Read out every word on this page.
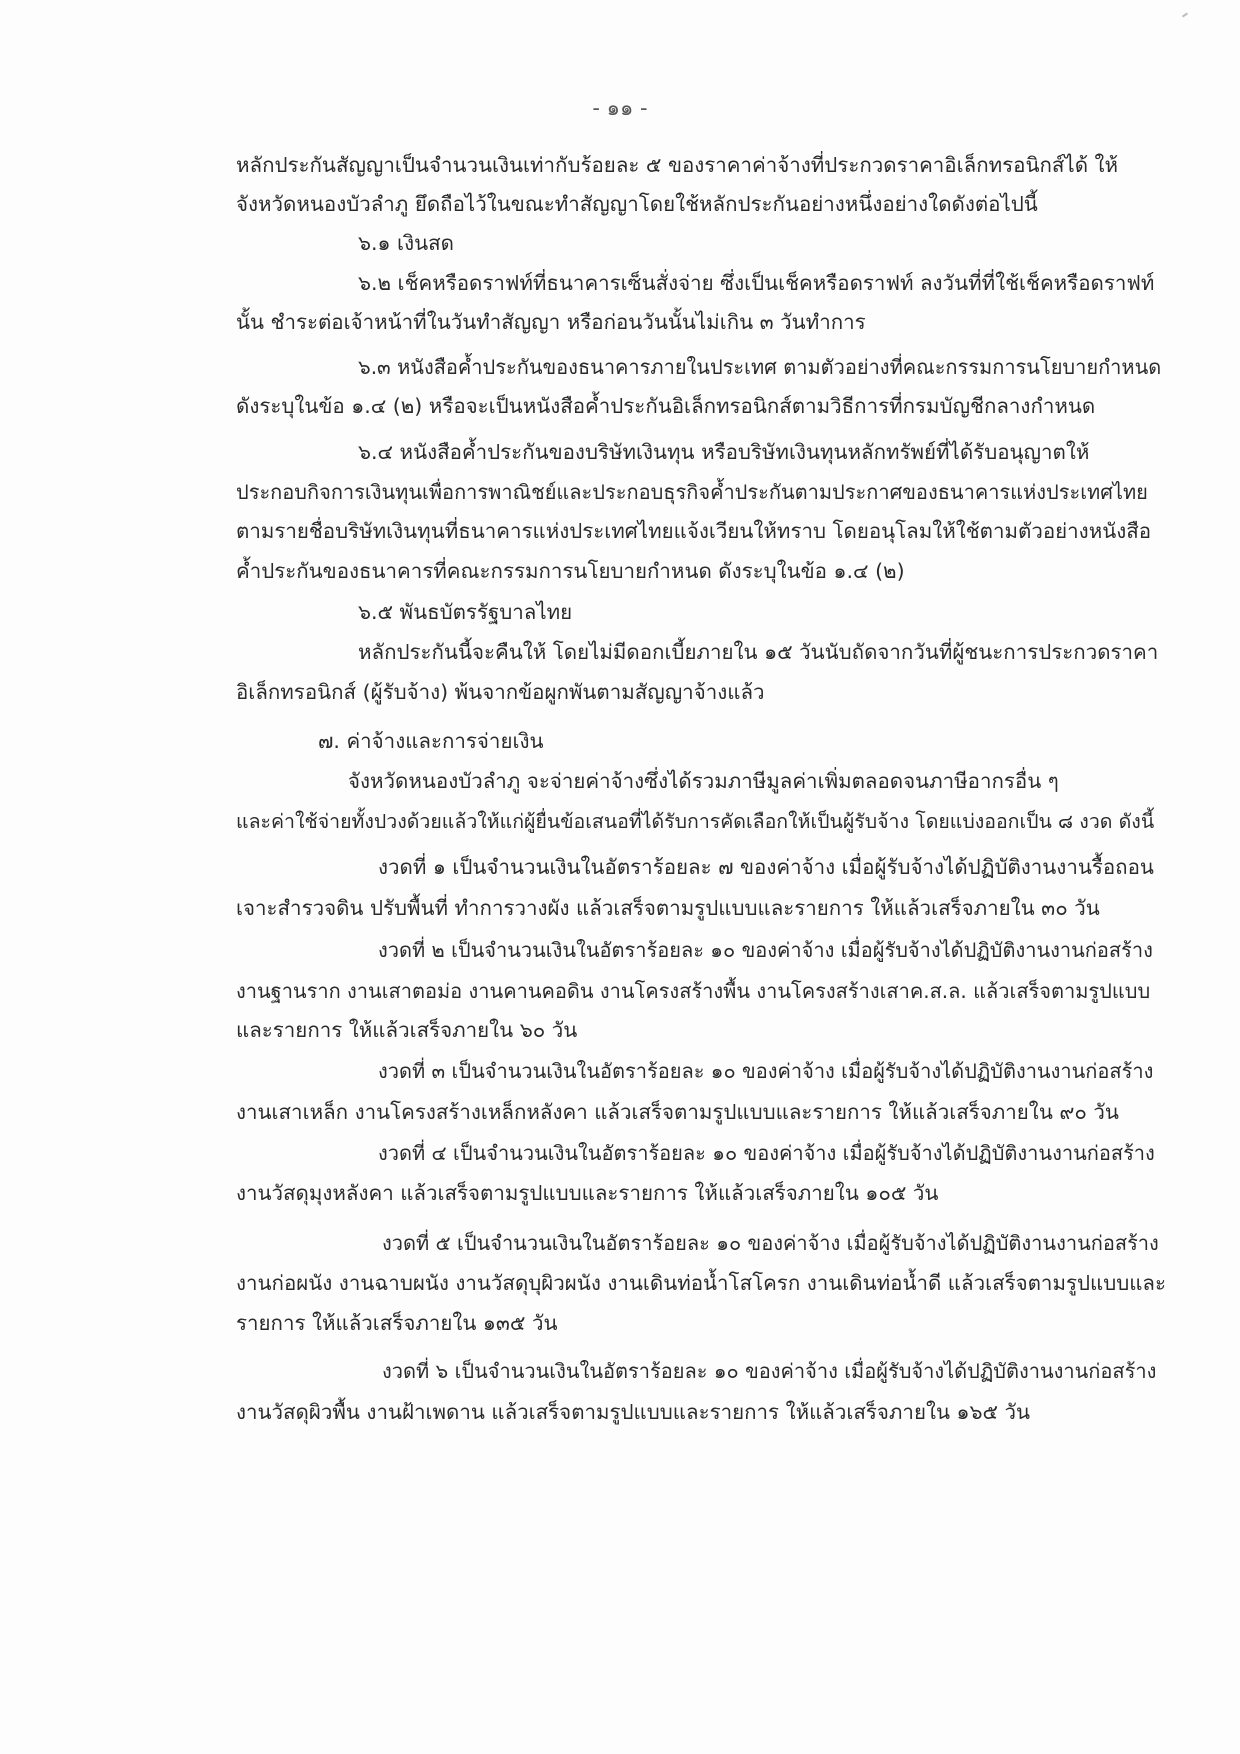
- ๑๑ -
หลักประกันสัญญาเป็นจำนวนเงินเท่ากับร้อยละ ๕ ของราคาค่าจ้างที่ประกวดราคาอิเล็กทรอนิกส์ได้ ให้
จังหวัดหนองบัวลำภู ยึดถือไว้ในขณะทำสัญญาโดยใช้หลักประกันอย่างหนึ่งอย่างใดดังต่อไปนี้
๖.๑ เงินสด
๖.๒ เช็คหรือดราฟท์ที่ธนาคารเซ็นสั่งจ่าย ซึ่งเป็นเช็คหรือดราฟท์ ลงวันที่ที่ใช้เช็คหรือดราฟท์
นั้น ชำระต่อเจ้าหน้าที่ในวันทำสัญญา หรือก่อนวันนั้นไม่เกิน ๓ วันทำการ
๖.๓ หนังสือค้ำประกันของธนาคารภายในประเทศ ตามตัวอย่างที่คณะกรรมการนโยบายกำหนด
ดังระบุในข้อ ๑.๔ (๒) หรือจะเป็นหนังสือค้ำประกันอิเล็กทรอนิกส์ตามวิธีการที่กรมบัญชีกลางกำหนด
๖.๔ หนังสือค้ำประกันของบริษัทเงินทุน หรือบริษัทเงินทุนหลักทรัพย์ที่ได้รับอนุญาตให้
ประกอบกิจการเงินทุนเพื่อการพาณิชย์และประกอบธุรกิจค้ำประกันตามประกาศของธนาคารแห่งประเทศไทย
ตามรายชื่อบริษัทเงินทุนที่ธนาคารแห่งประเทศไทยแจ้งเวียนให้ทราบ โดยอนุโลมให้ใช้ตามตัวอย่างหนังสือ
ค้ำประกันของธนาคารที่คณะกรรมการนโยบายกำหนด ดังระบุในข้อ ๑.๔ (๒)
๖.๕ พันธบัตรรัฐบาลไทย
หลักประกันนี้จะคืนให้ โดยไม่มีดอกเบี้ยภายใน ๑๕ วันนับถัดจากวันที่ผู้ชนะการประกวดราคา
อิเล็กทรอนิกส์ (ผู้รับจ้าง) พ้นจากข้อผูกพันตามสัญญาจ้างแล้ว
๗. ค่าจ้างและการจ่ายเงิน
จังหวัดหนองบัวลำภู จะจ่ายค่าจ้างซึ่งได้รวมภาษีมูลค่าเพิ่มตลอดจนภาษีอากรอื่น ๆ
และค่าใช้จ่ายทั้งปวงด้วยแล้วให้แก่ผู้ยื่นข้อเสนอที่ได้รับการคัดเลือกให้เป็นผู้รับจ้าง โดยแบ่งออกเป็น ๘ งวด ดังนี้
งวดที่ ๑ เป็นจำนวนเงินในอัตราร้อยละ ๗ ของค่าจ้าง เมื่อผู้รับจ้างได้ปฏิบัติงานงานรื้อถอน
เจาะสำรวจดิน ปรับพื้นที่ ทำการวางผัง แล้วเสร็จตามรูปแบบและรายการ ให้แล้วเสร็จภายใน ๓๐ วัน
งวดที่ ๒ เป็นจำนวนเงินในอัตราร้อยละ ๑๐ ของค่าจ้าง เมื่อผู้รับจ้างได้ปฏิบัติงานงานก่อสร้าง
งานฐานราก งานเสาตอม่อ งานคานคอดิน งานโครงสร้างพื้น งานโครงสร้างเสาค.ส.ล. แล้วเสร็จตามรูปแบบ
และรายการ ให้แล้วเสร็จภายใน ๖๐ วัน
งวดที่ ๓ เป็นจำนวนเงินในอัตราร้อยละ ๑๐ ของค่าจ้าง เมื่อผู้รับจ้างได้ปฏิบัติงานงานก่อสร้าง
งานเสาเหล็ก งานโครงสร้างเหล็กหลังคา แล้วเสร็จตามรูปแบบและรายการ ให้แล้วเสร็จภายใน ๙๐ วัน
งวดที่ ๔ เป็นจำนวนเงินในอัตราร้อยละ ๑๐ ของค่าจ้าง เมื่อผู้รับจ้างได้ปฏิบัติงานงานก่อสร้าง
งานวัสดุมุงหลังคา แล้วเสร็จตามรูปแบบและรายการ ให้แล้วเสร็จภายใน ๑๐๕ วัน
งวดที่ ๕ เป็นจำนวนเงินในอัตราร้อยละ ๑๐ ของค่าจ้าง เมื่อผู้รับจ้างได้ปฏิบัติงานงานก่อสร้าง
งานก่อผนัง งานฉาบผนัง งานวัสดุบุผิวผนัง งานเดินท่อน้ำโสโครก งานเดินท่อน้ำดี แล้วเสร็จตามรูปแบบและ
รายการ ให้แล้วเสร็จภายใน ๑๓๕ วัน
งวดที่ ๖ เป็นจำนวนเงินในอัตราร้อยละ ๑๐ ของค่าจ้าง เมื่อผู้รับจ้างได้ปฏิบัติงานงานก่อสร้าง
งานวัสดุผิวพื้น งานฝ้าเพดาน แล้วเสร็จตามรูปแบบและรายการ ให้แล้วเสร็จภายใน ๑๖๕ วัน
